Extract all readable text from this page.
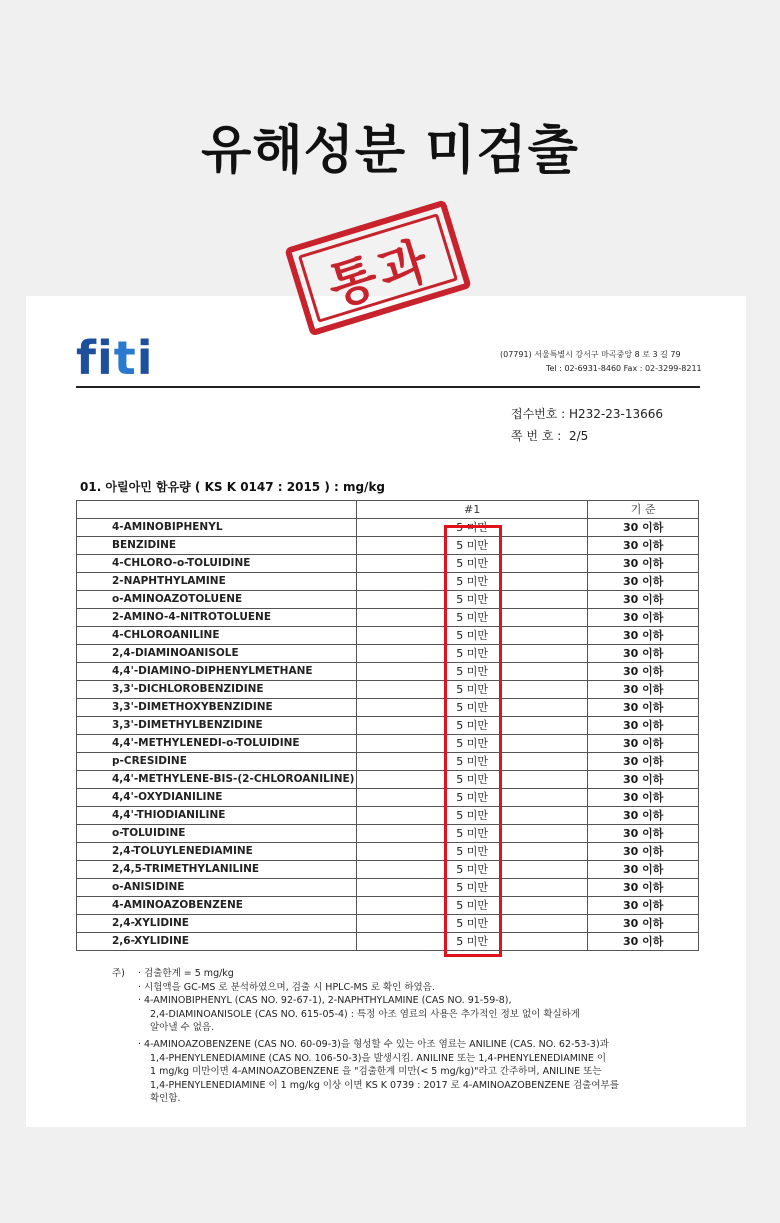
유해성분 미검출
fiti	(07791) 서울특별시 강서구 마곡중앙 8 로 3 길 79
Tel : 02-6931-8460 Fax : 02-3299-8211
접수번호 : H232-23-13666
쪽 번 호 : 2/5
01. 아릴아민 함유량 ( KS K 0147 : 2015 ) : mg/kg
	#1	기 준
4-AMINOBIPHENYL	5 미만	30 이하
BENZIDINE	5 미만	30 이하
4-CHLORO-o-TOLUIDINE	5 미만	30 이하
2-NAPHTHYLAMINE	5 미만	30 이하
o-AMINOAZOTOLUENE	5 미만	30 이하
2-AMINO-4-NITROTOLUENE	5 미만	30 이하
4-CHLOROANILINE	5 미만	30 이하
2,4-DIAMINOANISOLE	5 미만	30 이하
4,4'-DIAMINO-DIPHENYLMETHANE	5 미만	30 이하
3,3'-DICHLOROBENZIDINE	5 미만	30 이하
3,3'-DIMETHOXYBENZIDINE	5 미만	30 이하
3,3'-DIMETHYLBENZIDINE	5 미만	30 이하
4,4'-METHYLENEDI-o-TOLUIDINE	5 미만	30 이하
p-CRESIDINE	5 미만	30 이하
4,4'-METHYLENE-BIS-(2-CHLOROANILINE)	5 미만	30 이하
4,4'-OXYDIANILINE	5 미만	30 이하
4,4'-THIODIANILINE	5 미만	30 이하
o-TOLUIDINE	5 미만	30 이하
2,4-TOLUYLENEDIAMINE	5 미만	30 이하
2,4,5-TRIMETHYLANILINE	5 미만	30 이하
o-ANISIDINE	5 미만	30 이하
4-AMINOAZOBENZENE	5 미만	30 이하
2,4-XYLIDINE	5 미만	30 이하
2,6-XYLIDINE	5 미만	30 이하
주) · 검출한계 = 5 mg/kg
· 시험액을 GC-MS 로 분석하였으며, 검출 시 HPLC-MS 로 확인 하였음.
· 4-AMINOBIPHENYL (CAS NO. 92-67-1), 2-NAPHTHYLAMINE (CAS NO. 91-59-8),
2,4-DIAMINOANISOLE (CAS NO. 615-05-4) : 특정 아조 염료의 사용은 추가적인 정보 없이 확실하게
알아낼 수 없음.
· 4-AMINOAZOBENZENE (CAS NO. 60-09-3)을 형성할 수 있는 아조 염료는 ANILINE (CAS. NO. 62-53-3)과
1,4-PHENYLENEDIAMINE (CAS NO. 106-50-3)을 발생시킴. ANILINE 또는 1,4-PHENYLENEDIAMINE 이
1 mg/kg 미만이면 4-AMINOAZOBENZENE 을 "검출한계 미만(< 5 mg/kg)"라고 간주하며, ANILINE 또는
1,4-PHENYLENEDIAMINE 이 1 mg/kg 이상 이면 KS K 0739 : 2017 로 4-AMINOAZOBENZENE 검출여부를
확인함.
통과
